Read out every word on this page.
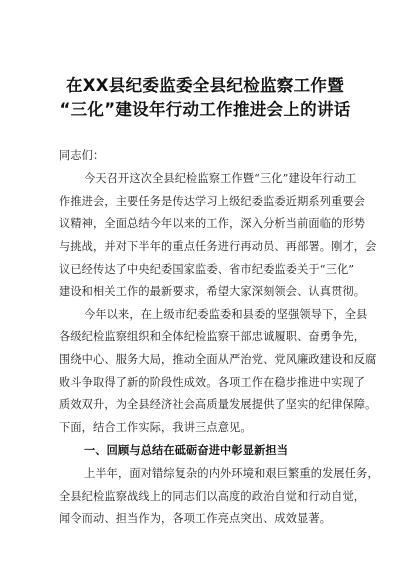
在XX县纪委监委全县纪检监察工作暨
“三化”建设年行动工作推进会上的讲话
同志们：
今天召开这次全县纪检监察工作暨“三化”建设年行动工
作推进会，主要任务是传达学习上级纪委监委近期系列重要会
议精神，全面总结今年以来的工作，深入分析当前面临的形势
与挑战，并对下半年的重点任务进行再动员、再部署。刚才，会
议已经传达了中央纪委国家监委、省市纪委监委关于“三化”
建设和相关工作的最新要求，希望大家深刻领会、认真贯彻。
今年以来，在上级市纪委监委和县委的坚强领导下，全县
各级纪检监察组织和全体纪检监察干部忠诚履职、奋勇争先，
围绕中心、服务大局，推动全面从严治党、党风廉政建设和反腐
败斗争取得了新的阶段性成效。各项工作在稳步推进中实现了
质效双升，为全县经济社会高质量发展提供了坚实的纪律保障。
下面，结合工作实际，我讲三点意见。
一、回顾与总结在砥砺奋进中彰显新担当
上半年，面对错综复杂的内外环境和艰巨繁重的发展任务，
全县纪检监察战线上的同志们以高度的政治自觉和行动自觉，
闻令而动、担当作为，各项工作亮点突出、成效显著。
